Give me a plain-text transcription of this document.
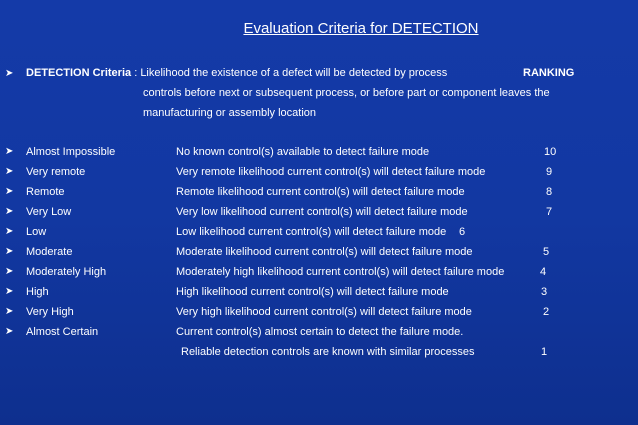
Evaluation Criteria for DETECTION
➤ DETECTION Criteria : Likelihood the existence of a defect will be detected by process	RANKING
controls before next or subsequent process, or before part or component leaves the
manufacturing or assembly location
➤ Almost Impossible	No known control(s) available to detect failure mode	10
➤ Very remote	Very remote likelihood current control(s) will detect failure mode	9
➤ Remote	Remote likelihood current control(s) will detect failure mode	8
➤ Very Low	Very low likelihood current control(s) will detect failure mode	7
➤ Low	Low likelihood current control(s) will detect failure mode 6
➤ Moderate	Moderate likelihood current control(s) will detect failure mode	5
➤ Moderately High	Moderately high likelihood current control(s) will detect failure mode	4
➤ High	High likelihood current control(s) will detect failure mode	3
➤ Very High	Very high likelihood current control(s) will detect failure mode	2
➤ Almost Certain	Current control(s) almost certain to detect the failure mode.
Reliable detection controls are known with similar processes	1
